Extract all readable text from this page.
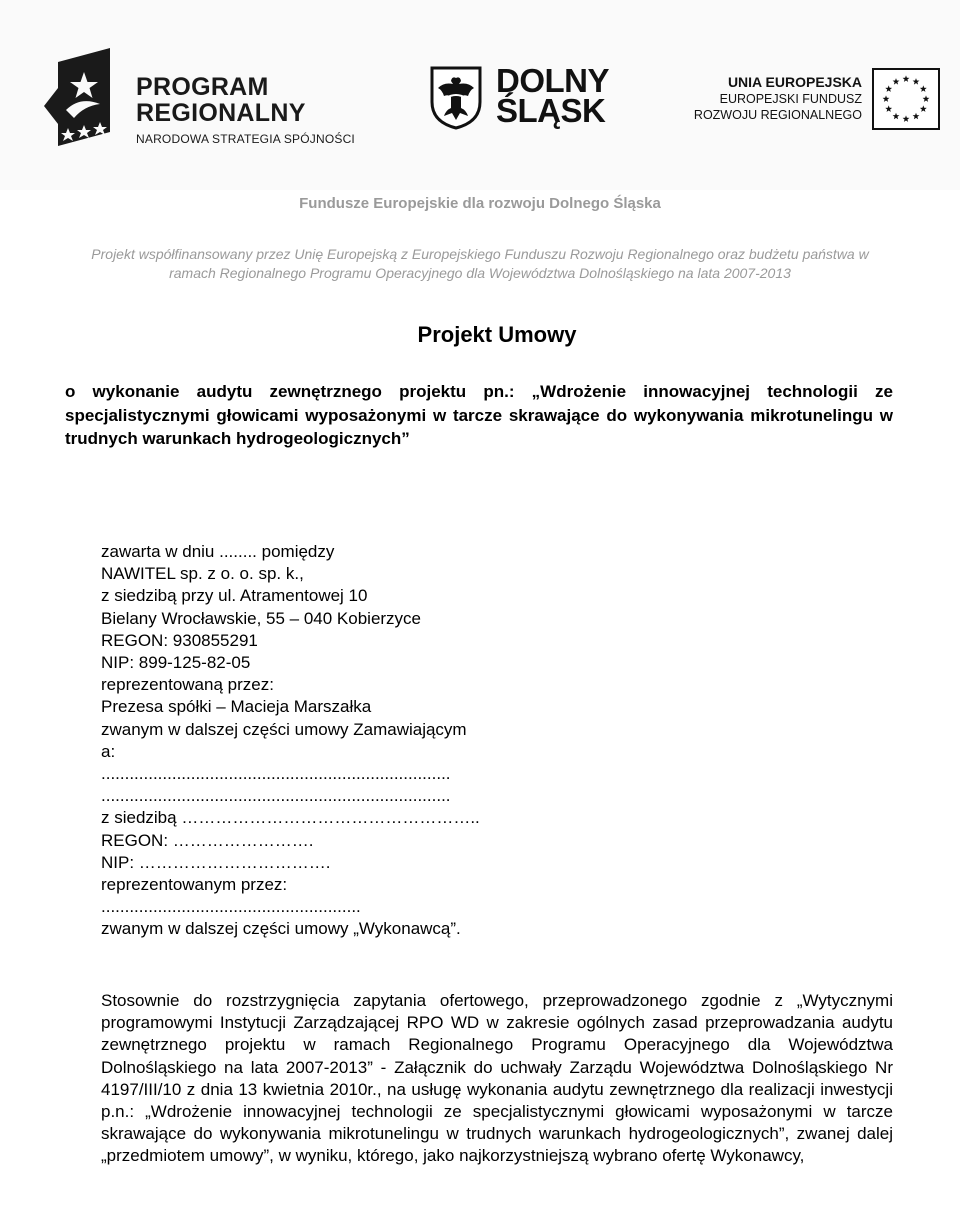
PROGRAM
REGIONALNY
NARODOWA STRATEGIA SPÓJNOŚCI
DOLNY
ŚLĄSK
UNIA EUROPEJSKA
EUROPEJSKI FUNDUSZ
ROZWOJU REGIONALNEGO
Fundusze Europejskie dla rozwoju Dolnego Śląska
Projekt współfinansowany przez Unię Europejską z Europejskiego Funduszu Rozwoju Regionalnego oraz budżetu państwa w ramach Regionalnego Programu Operacyjnego dla Województwa Dolnośląskiego na lata 2007-2013
Projekt Umowy
o wykonanie audytu zewnętrznego projektu pn.: „Wdrożenie innowacyjnej technologii ze specjalistycznymi głowicami wyposażonymi w tarcze skrawające do wykonywania mikrotunelingu w trudnych warunkach hydrogeologicznych”
zawarta w dniu ........ pomiędzy
NAWITEL sp. z o. o. sp. k.,
z siedzibą przy ul. Atramentowej 10
Bielany Wrocławskie, 55 – 040 Kobierzyce
REGON: 930855291
NIP: 899-125-82-05
reprezentowaną przez:
Prezesa spółki – Macieja Marszałka
zwanym w dalszej części umowy Zamawiającym
a:
..........................................................................
..........................................................................
z siedzibą ……………………………………………..
REGON: …………………….
NIP: …………………………….
reprezentowanym przez:
.......................................................
zwanym w dalszej części umowy „Wykonawcą”.
Stosownie do rozstrzygnięcia zapytania ofertowego, przeprowadzonego zgodnie z „Wytycznymi programowymi Instytucji Zarządzającej RPO WD w zakresie ogólnych zasad przeprowadzania audytu zewnętrznego projektu w ramach Regionalnego Programu Operacyjnego dla Województwa Dolnośląskiego na lata 2007-2013” - Załącznik do uchwały Zarządu Województwa Dolnośląskiego Nr 4197/III/10 z dnia 13 kwietnia 2010r., na usługę wykonania audytu zewnętrznego dla realizacji inwestycji p.n.: „Wdrożenie innowacyjnej technologii ze specjalistycznymi głowicami wyposażonymi w tarcze skrawające do wykonywania mikrotunelingu w trudnych warunkach hydrogeologicznych”, zwanej dalej „przedmiotem umowy”, w wyniku, którego, jako najkorzystniejszą wybrano ofertę Wykonawcy,
